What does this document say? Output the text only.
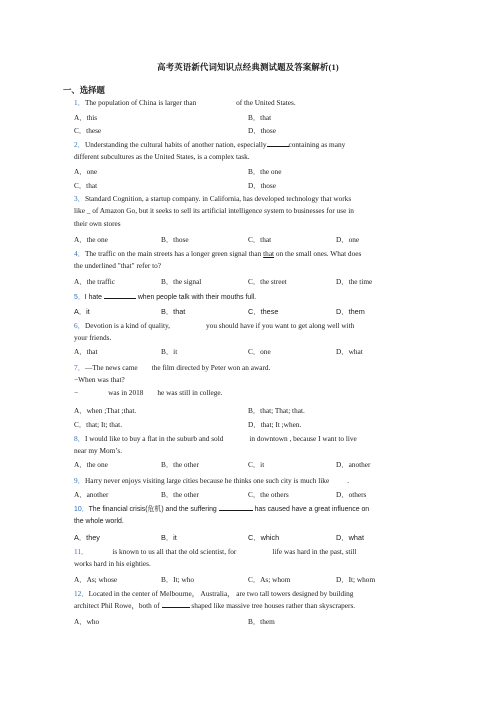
高考英语新代词知识点经典测试题及答案解析(1)
一、选择题
1．The population of China is larger than	of the United States.
A．this	B．that
C．these	D．those
2．Understanding the cultural habits of another nation, especially	containing as many
different subcultures as the United States, is a complex task.
A．one	B．the one
C．that	D．those
3．Standard Cognition, a startup company. in California, has developed technology that works
like _ of Amazon Go, but it seeks to sell its artificial intelligence system to businesses for use in
their own stores
A．the one	B．those	C．that	D．one
4．The traffic on the main streets has a longer green signal than that on the small ones. What does
the underlined "that" refer to?
A．the traffic	B．the signal	C．the street	D．the time
5．I hate	when people talk with their mouths full.
A．it	B．that	C．these	D．them
6．Devotion is a kind of quality,	you should have if you want to get along well with
your friends.
A．that	B．it	C．one	D．what
7．—The news came the film directed by Peter won an award.
−When was that?
−	was in 2018 he was still in college.
A．when ;That ;that.	B．that; That; that.
C．that; It; that.	D．that; It ;when.
8．I would like to buy a flat in the suburb and sold	in downtown , because I want to live
near my Mom’s.
A．the one	B．the other	C．it	D．another
9．Harry never enjoys visiting large cities because he thinks one such city is much like .
A．another	B．the other	C．the others	D．others
10．The financial crisis(危机) and the suffering	has caused have a great influence on
the whole world.
A．they	B．it	C．which	D．what
11．	is known to us all that the old scientist, for	life was hard in the past, still
works hard in his eighties.
A．As; whose	B．It; who	C．As; whom	D．It; whom
12．Located in the center of Melbourne， Australia， are two tall towers designed by building
architect Phil Rowe，both of	shaped like massive tree houses rather than skyscrapers.
A．who	B．them
